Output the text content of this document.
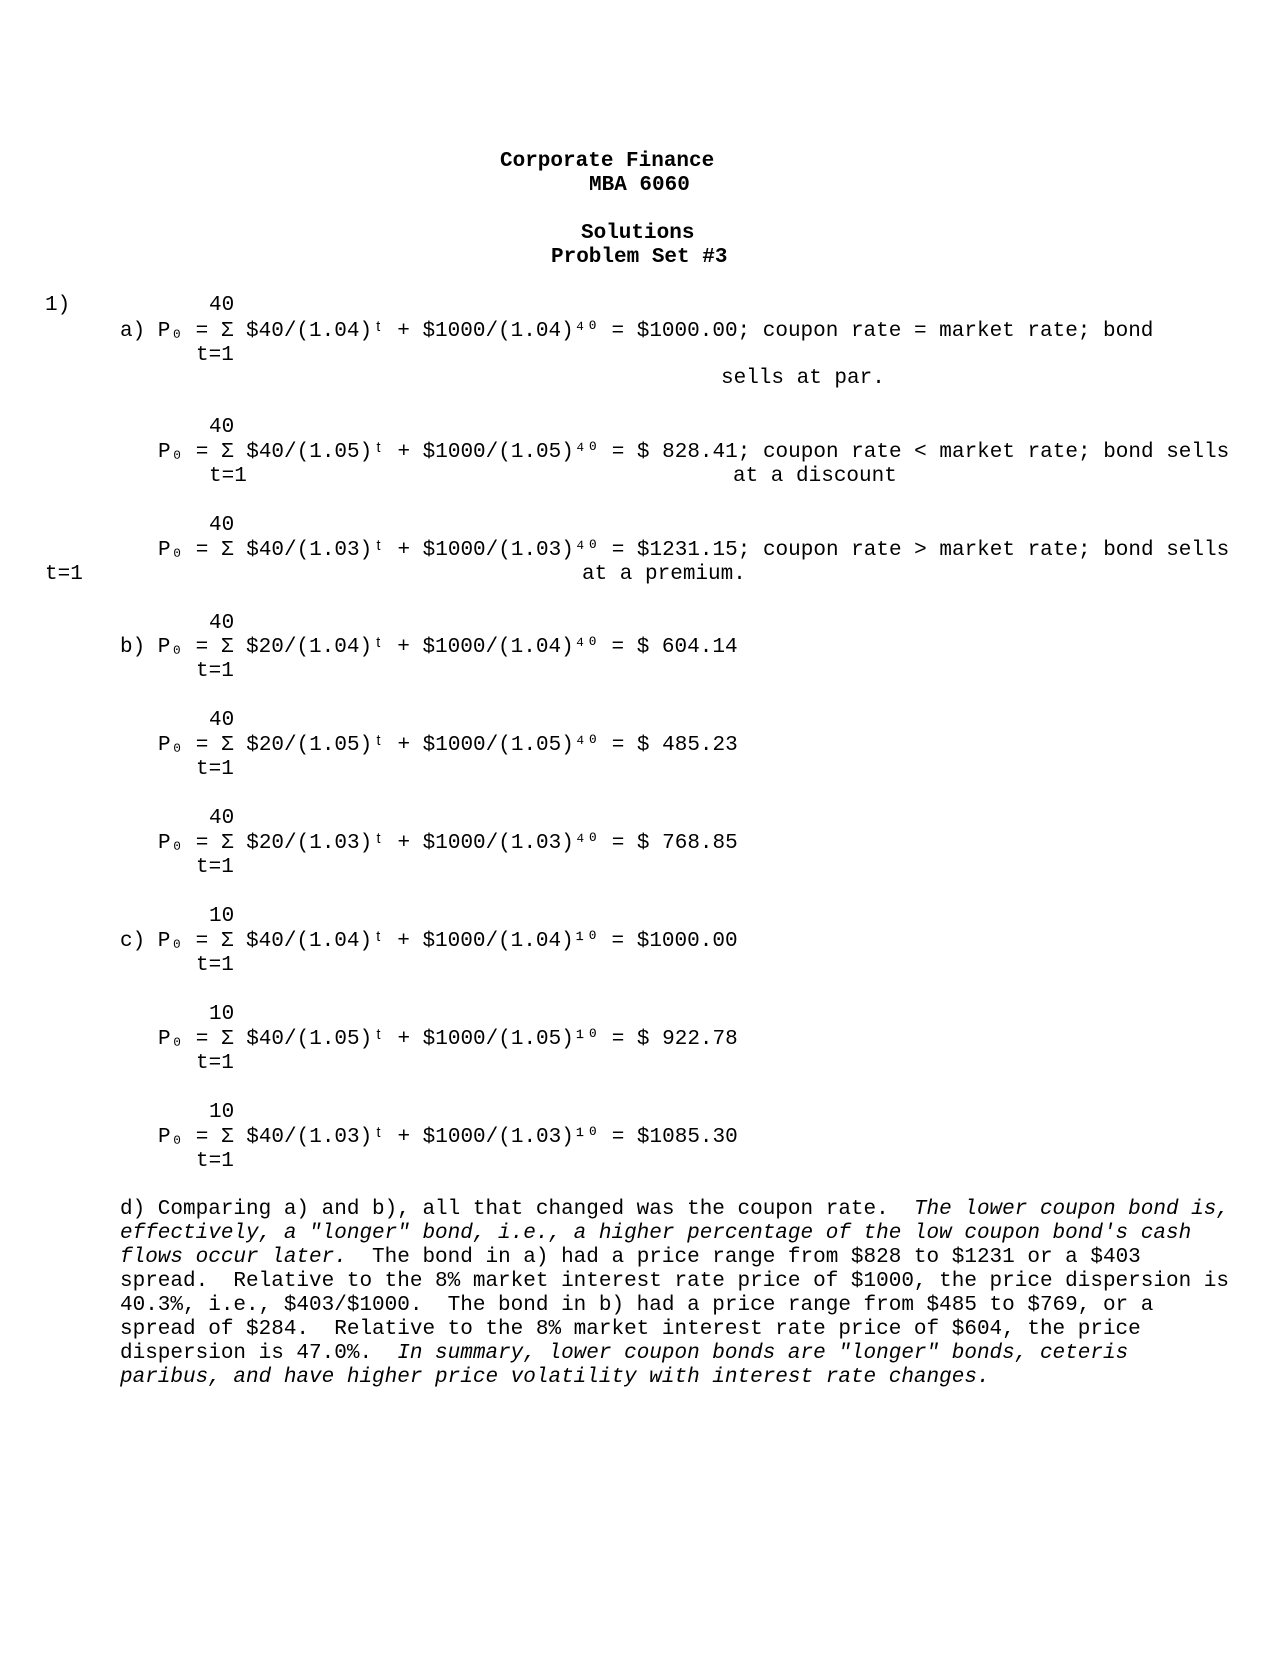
Corporate Finance
MBA 6060
Solutions
Problem Set #3
1)	40
a) P₀ = Σ $40/(1.04)ᵗ + $1000/(1.04)⁴⁰ = $1000.00; coupon rate = market rate; bond
t=1
sells at par.
40
P₀ = Σ $40/(1.05)ᵗ + $1000/(1.05)⁴⁰ = $ 828.41; coupon rate < market rate; bond sells
t=1	at a discount
40
P₀ = Σ $40/(1.03)ᵗ + $1000/(1.03)⁴⁰ = $1231.15; coupon rate > market rate; bond sells
t=1	at a premium.
40
b) P₀ = Σ $20/(1.04)ᵗ + $1000/(1.04)⁴⁰ = $ 604.14
t=1
40
P₀ = Σ $20/(1.05)ᵗ + $1000/(1.05)⁴⁰ = $ 485.23
t=1
40
P₀ = Σ $20/(1.03)ᵗ + $1000/(1.03)⁴⁰ = $ 768.85
t=1
10
c) P₀ = Σ $40/(1.04)ᵗ + $1000/(1.04)¹⁰ = $1000.00
t=1
10
P₀ = Σ $40/(1.05)ᵗ + $1000/(1.05)¹⁰ = $ 922.78
t=1
10
P₀ = Σ $40/(1.03)ᵗ + $1000/(1.03)¹⁰ = $1085.30
t=1
d) Comparing a) and b), all that changed was the coupon rate.  The lower coupon bond is, effectively, a "longer" bond, i.e., a higher percentage of the low coupon bond's cash flows occur later.  The bond in a) had a price range from $828 to $1231 or a $403 spread.  Relative to the 8% market interest rate price of $1000, the price dispersion is 40.3%, i.e., $403/$1000.  The bond in b) had a price range from $485 to $769, or a spread of $284.  Relative to the 8% market interest rate price of $604, the price dispersion is 47.0%.  In summary, lower coupon bonds are "longer" bonds, ceteris paribus, and have higher price volatility with interest rate changes.
